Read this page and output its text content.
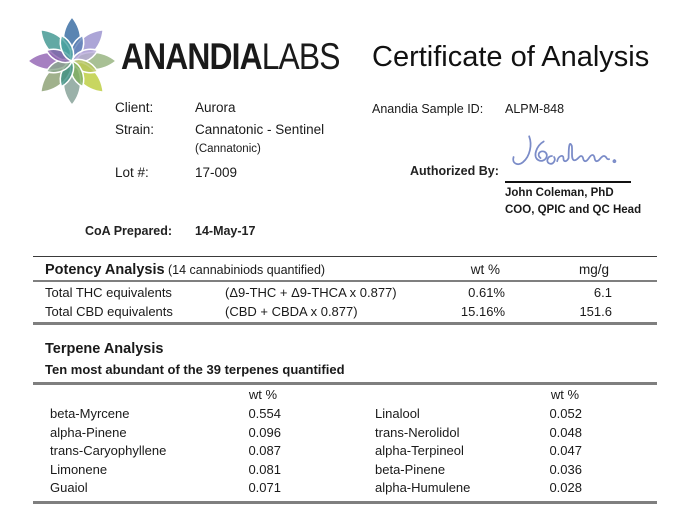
ANANDIALABS Certificate of Analysis
Client:	Aurora	Anandia Sample ID: ALPM-848
Strain:	Cannatonic - Sentinel
(Cannatonic)
Lot #:	17-009	Authorized By:
John Coleman, PhD
COO, QPIC and QC Head
CoA Prepared: 14-May-17
Potency Analysis (14 cannabiniods quantified)	wt %	mg/g
Total THC equivalents	(Δ9-THC + Δ9-THCA x 0.877)	0.61%	6.1
Total CBD equivalents	(CBD + CBDA x 0.877)	15.16%	151.6
Terpene Analysis
Ten most abundant of the 39 terpenes quantified
wt %	wt %
beta-Myrcene	0.554	Linalool	0.052
alpha-Pinene	0.096	trans-Nerolidol	0.048
trans-Caryophyllene	0.087	alpha-Terpineol	0.047
Limonene	0.081	beta-Pinene	0.036
Guaiol	0.071	alpha-Humulene	0.028
